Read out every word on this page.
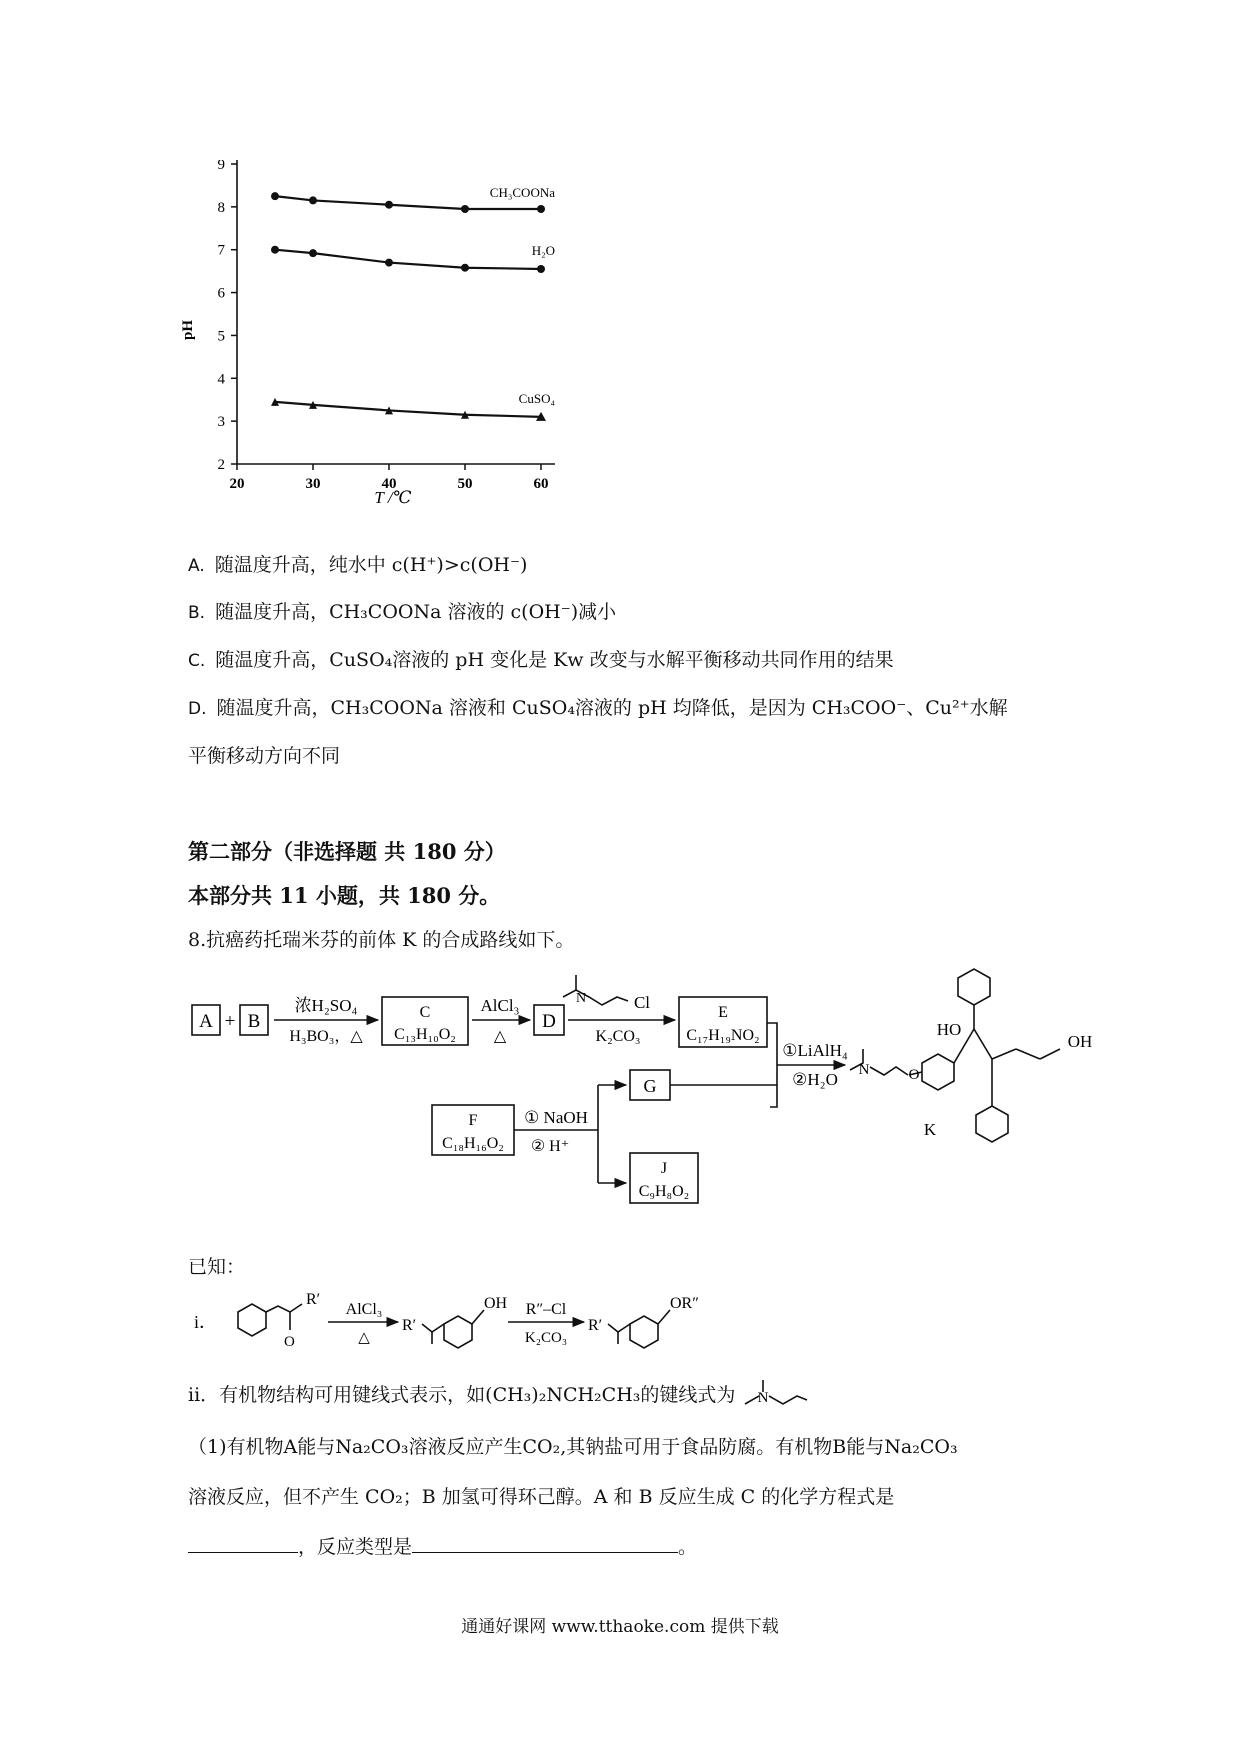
2
3
4
5
6
7
8
9
20	30	40	50	60
CH₃COONa
H₂O
CuSO₄
pH
T /℃
A. 随温度升高，纯水中 c(H⁺)>c(OH⁻)
B. 随温度升高，CH₃COONa 溶液的 c(OH⁻)减小
C. 随温度升高，CuSO₄溶液的 pH 变化是 Kw 改变与水解平衡移动共同作用的结果
D. 随温度升高，CH₃COONa 溶液和 CuSO₄溶液的 pH 均降低，是因为 CH₃COO⁻、Cu²⁺水解
平衡移动方向不同
第二部分（非选择题 共 180 分）
本部分共 11 小题，共 180 分。
8.抗癌药托瑞米芬的前体 K 的合成路线如下。
A + B
浓H₂SO₄
H₃BO₃，△
C
C₁₃H₁₀O₂
AlCl₃
△
D
N	Cl
K₂CO₃
E
C₁₇H₁₉NO₂
①LiAlH₄
②H₂O N	O
HO
OH
K
F
C₁₈H₁₆O₂
① NaOH
② H⁺
G
J
C₉H₈O₂
已知：
i．
R′
O
AlCl₃
△
R′
OH R″–Cl
K₂CO₃
R′
OR″
ii．有机物结构可用键线式表示，如(CH₃)₂NCH₂CH₃的键线式为 N
（1)有机物A能与Na₂CO₃溶液反应产生CO₂,其钠盐可用于食品防腐。有机物B能与Na₂CO₃
溶液反应，但不产生 CO₂；B 加氢可得环己醇。A 和 B 反应生成 C 的化学方程式是
，反应类型是	。
通通好课网 www.tthaoke.com 提供下载
